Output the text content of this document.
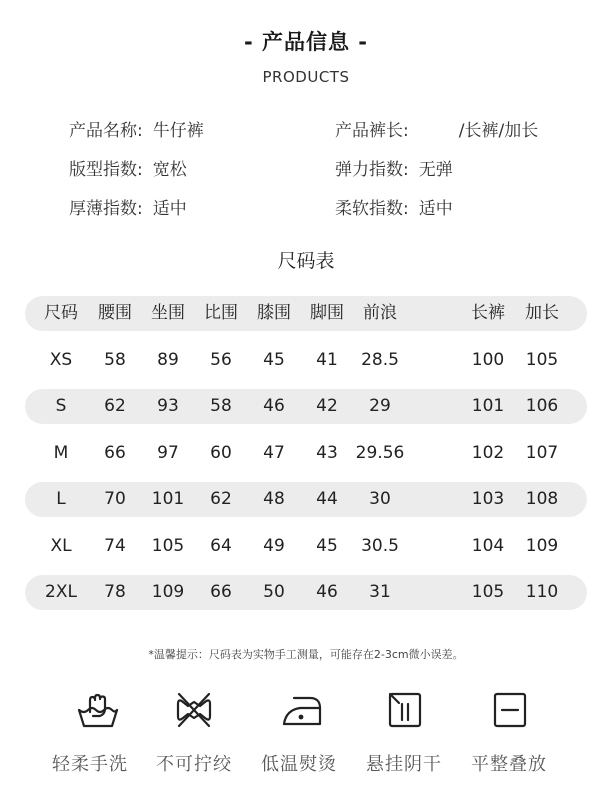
- 产品信息 -
PRODUCTS
产品名称: 牛仔裤	产品裤长:	/长裤/加长
版型指数: 宽松	弹力指数: 无弹
厚薄指数: 适中	柔软指数: 适中
尺码表
尺码 腰围 坐围 比围 膝围 脚围 前浪	长裤 加长
XS 58 89 56 45 41 28.5	100 105
S 62 93 58 46 42 29	101 106
M 66 97 60 47 43 29.56	102 107
L 70 101 62 48 44 30	103 108
XL 74 105 64 49 45 30.5	104 109
2XL 78 109 66 50 46 31	105 110
*温馨提示：尺码表为实物手工测量，可能存在2-3cm微小误差。
轻柔手洗	不可拧绞	低温熨烫	悬挂阴干	平整叠放
